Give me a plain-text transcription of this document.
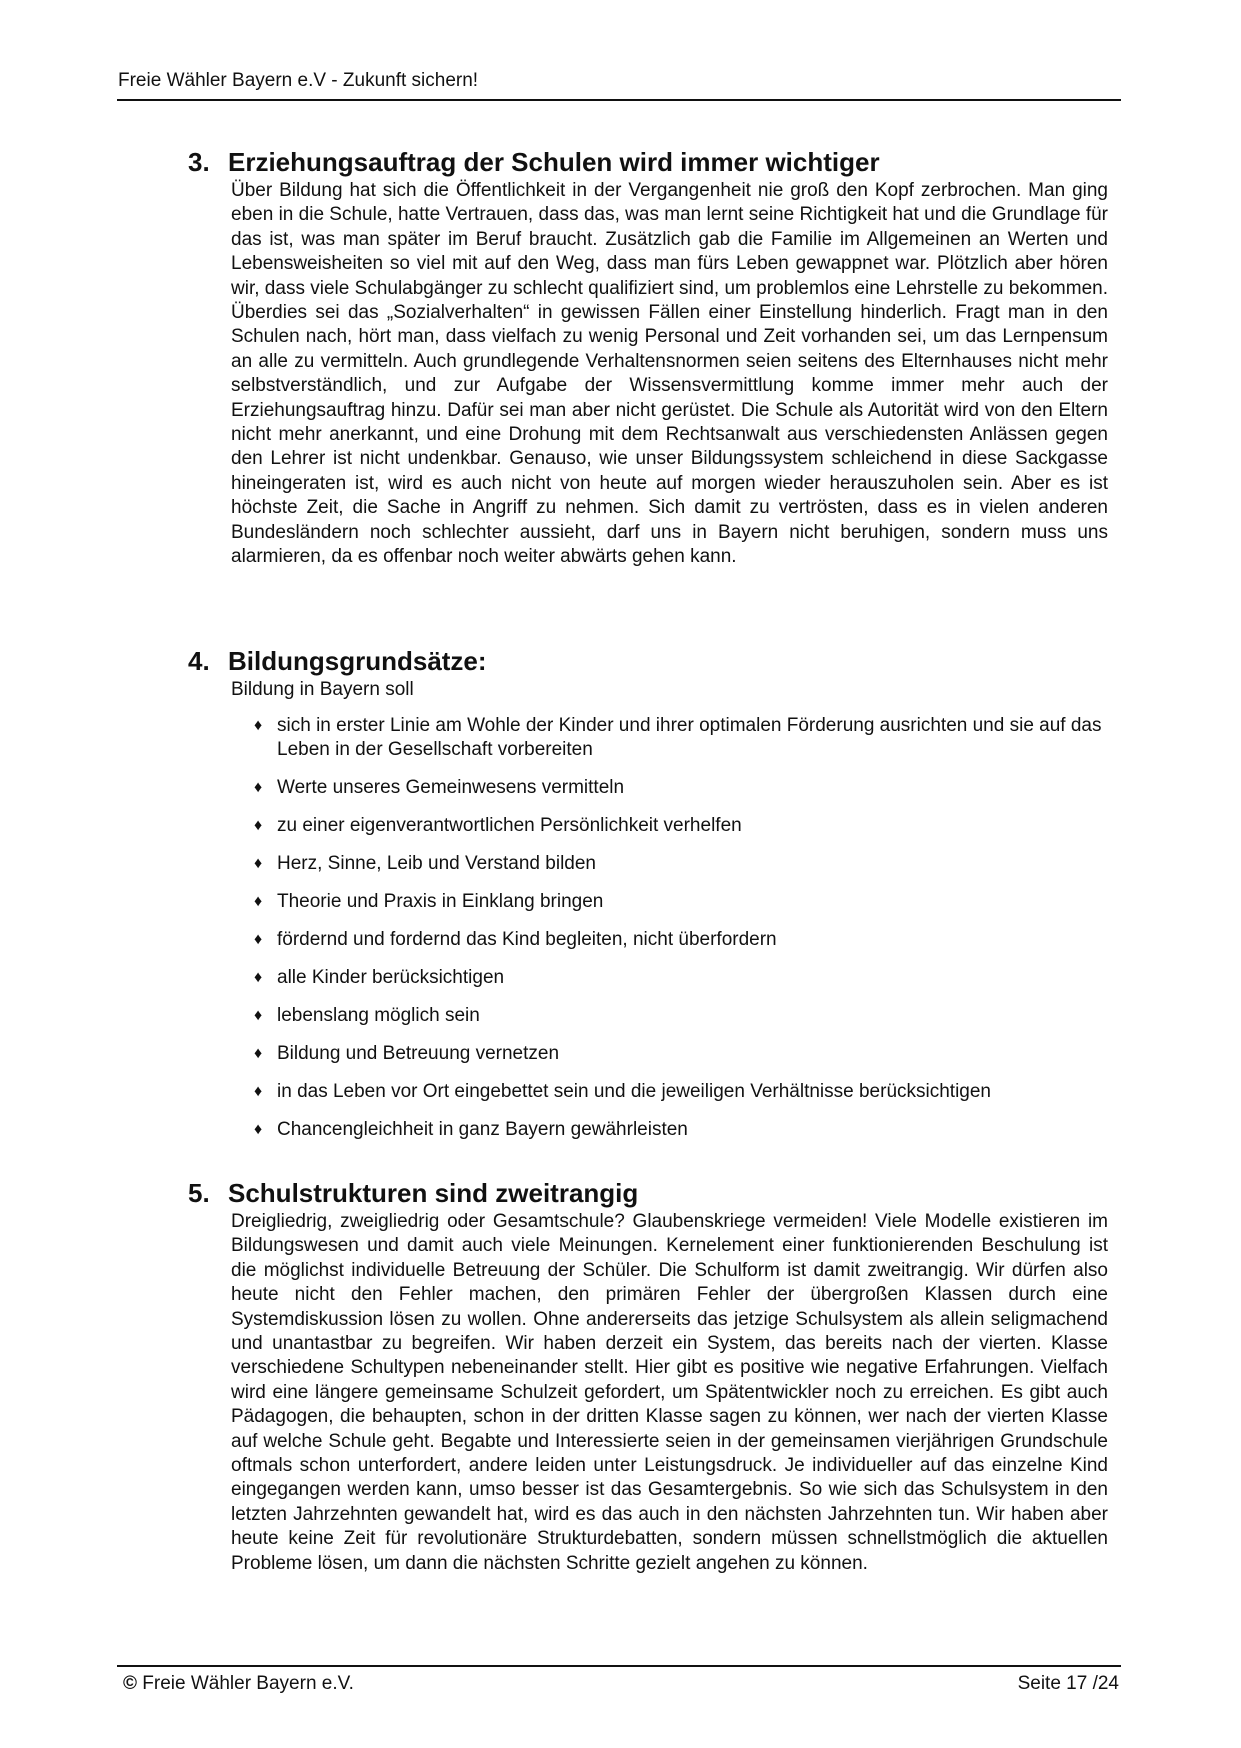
Freie Wähler Bayern e.V - Zukunft sichern!
3. Erziehungsauftrag der Schulen wird immer wichtiger

Über Bildung hat sich die Öffentlichkeit in der Vergangenheit nie groß den Kopf zerbrochen. Man ging eben in die Schule, hatte Vertrauen, dass das, was man lernt seine Richtigkeit hat und die Grundlage für das ist, was man später im Beruf braucht. Zusätzlich gab die Familie im Allgemeinen an Werten und Lebensweisheiten so viel mit auf den Weg, dass man fürs Leben gewappnet war. Plötzlich aber hören wir, dass viele Schulabgänger zu schlecht qualifiziert sind, um problemlos eine Lehrstelle zu bekommen. Überdies sei das „Sozialverhalten“ in gewissen Fällen einer Einstellung hinderlich. Fragt man in den Schulen nach, hört man, dass vielfach zu wenig Personal und Zeit vorhanden sei, um das Lernpensum an alle zu vermitteln. Auch grundlegende Verhaltensnormen seien seitens des Elternhauses nicht mehr selbstverständlich, und zur Aufgabe der Wissensvermittlung komme immer mehr auch der Erziehungsauftrag hinzu. Dafür sei man aber nicht gerüstet. Die Schule als Autorität wird von den Eltern nicht mehr anerkannt, und eine Drohung mit dem Rechtsanwalt aus verschiedensten Anlässen gegen den Lehrer ist nicht undenkbar. Genauso, wie unser Bildungssystem schleichend in diese Sackgasse hineingeraten ist, wird es auch nicht von heute auf morgen wieder herauszuholen sein. Aber es ist höchste Zeit, die Sache in Angriff zu nehmen. Sich damit zu vertrösten, dass es in vielen anderen Bundesländern noch schlechter aussieht, darf uns in Bayern nicht beruhigen, sondern muss uns alarmieren, da es offenbar noch weiter abwärts gehen kann.

4. Bildungsgrundsätze:
Bildung in Bayern soll
♦ sich in erster Linie am Wohle der Kinder und ihrer optimalen Förderung ausrichten und sie auf das Leben in der Gesellschaft vorbereiten
♦ Werte unseres Gemeinwesens vermitteln
♦ zu einer eigenverantwortlichen Persönlichkeit verhelfen
♦ Herz, Sinne, Leib und Verstand bilden
♦ Theorie und Praxis in Einklang bringen
♦ fördernd und fordernd das Kind begleiten, nicht überfordern
♦ alle Kinder berücksichtigen
♦ lebenslang möglich sein
♦ Bildung und Betreuung vernetzen
♦ in das Leben vor Ort eingebettet sein und die jeweiligen Verhältnisse berücksichtigen
♦ Chancengleichheit in ganz Bayern gewährleisten
5. Schulstrukturen sind zweitrangig

Dreigliedrig, zweigliedrig oder Gesamtschule? Glaubenskriege vermeiden! Viele Modelle existieren im Bildungswesen und damit auch viele Meinungen. Kernelement einer funktionierenden Beschulung ist die möglichst individuelle Betreuung der Schüler. Die Schulform ist damit zweitrangig. Wir dürfen also heute nicht den Fehler machen, den primären Fehler der übergroßen Klassen durch eine Systemdiskussion lösen zu wollen. Ohne andererseits das jetzige Schulsystem als allein seligmachend und unantastbar zu begreifen. Wir haben derzeit ein System, das bereits nach der vierten. Klasse verschiedene Schultypen nebeneinander stellt. Hier gibt es positive wie negative Erfahrungen. Vielfach wird eine längere gemeinsame Schulzeit gefordert, um Spätentwickler noch zu erreichen. Es gibt auch Pädagogen, die behaupten, schon in der dritten Klasse sagen zu können, wer nach der vierten Klasse auf welche Schule geht. Begabte und Interessierte seien in der gemeinsamen vierjährigen Grundschule oftmals schon unterfordert, andere leiden unter Leistungsdruck. Je individueller auf das einzelne Kind eingegangen werden kann, umso besser ist das Gesamtergebnis. So wie sich das Schulsystem in den letzten Jahrzehnten gewandelt hat, wird es das auch in den nächsten Jahrzehnten tun. Wir haben aber heute keine Zeit für revolutionäre Strukturdebatten, sondern müssen schnellstmöglich die aktuellen Probleme lösen, um dann die nächsten Schritte gezielt angehen zu können.

© Freie Wähler Bayern e.V.	Seite 17 /24
